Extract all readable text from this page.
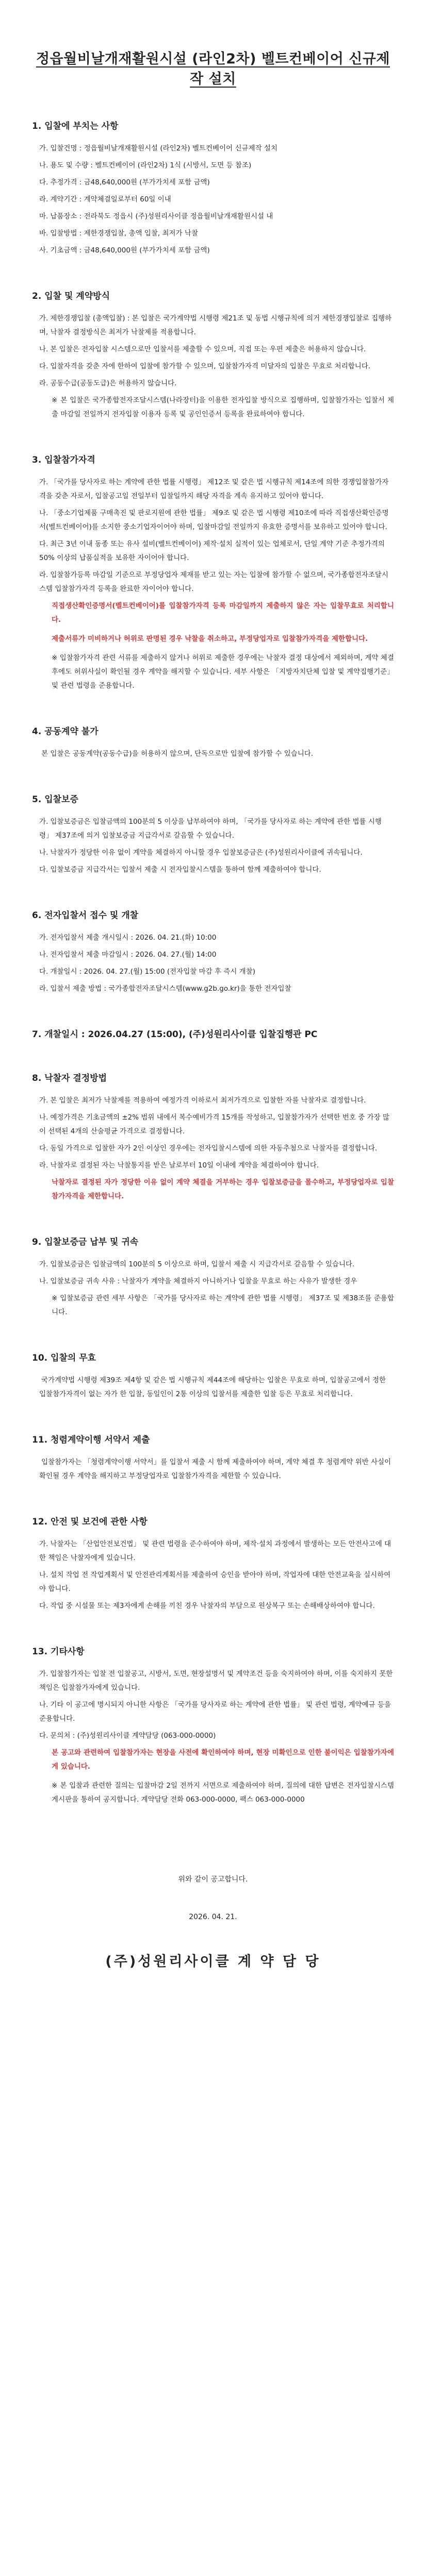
정읍월비날개재활원시설 (라인2차) 벨트컨베이어 신규제작 설치
1. 입찰에 부치는 사항
가. 입찰건명 : 정읍월비날개재활원시설 (라인2차) 벨트컨베이어 신규제작 설치
나. 용도 및 수량 : 벨트컨베이어 (라인2차) 1식 (시방서, 도면 등 참조)
다. 추정가격 : 금48,640,000원 (부가가치세 포함 금액)
라. 계약기간 : 계약체결일로부터 60일 이내
마. 납품장소 : 전라북도 정읍시 (주)성원리사이클 정읍월비날개재활원시설 내
바. 입찰방법 : 제한경쟁입찰, 총액 입찰, 최저가 낙찰
사. 기초금액 : 금48,640,000원 (부가가치세 포함 금액)
2. 입찰 및 계약방식
가. 제한경쟁입찰 (총액입찰) : 본 입찰은 국가계약법 시행령 제21조 및 동법 시행규칙에 의거 제한경쟁입찰로 집행하며, 낙찰자 결정방식은 최저가 낙찰제를 적용합니다.
나. 본 입찰은 전자입찰 시스템으로만 입찰서를 제출할 수 있으며, 직접 또는 우편 제출은 허용하지 않습니다.
다. 입찰자격을 갖춘 자에 한하여 입찰에 참가할 수 있으며, 입찰참가자격 미달자의 입찰은 무효로 처리합니다.
라. 공동수급(공동도급)은 허용하지 않습니다.
※ 본 입찰은 국가종합전자조달시스템(나라장터)을 이용한 전자입찰 방식으로 집행하며, 입찰참가자는 입찰서 제출 마감일 전일까지 전자입찰 이용자 등록 및 공인인증서 등록을 완료하여야 합니다.
3. 입찰참가자격
가. 「국가를 당사자로 하는 계약에 관한 법률 시행령」 제12조 및 같은 법 시행규칙 제14조에 의한 경쟁입찰참가자격을 갖춘 자로서, 입찰공고일 전일부터 입찰일까지 해당 자격을 계속 유지하고 있어야 합니다.
나. 「중소기업제품 구매촉진 및 판로지원에 관한 법률」 제9조 및 같은 법 시행령 제10조에 따라 직접생산확인증명서(벨트컨베이어)를 소지한 중소기업자이어야 하며, 입찰마감일 전일까지 유효한 증명서를 보유하고 있어야 합니다.
다. 최근 3년 이내 동종 또는 유사 설비(벨트컨베이어) 제작·설치 실적이 있는 업체로서, 단일 계약 기준 추정가격의 50% 이상의 납품실적을 보유한 자이어야 합니다.
라. 입찰참가등록 마감일 기준으로 부정당업자 제재를 받고 있는 자는 입찰에 참가할 수 없으며, 국가종합전자조달시스템 입찰참가자격 등록을 완료한 자이어야 합니다.
직접생산확인증명서(벨트컨베이어)를 입찰참가자격 등록 마감일까지 제출하지 않은 자는 입찰무효로 처리합니다.
제출서류가 미비하거나 허위로 판명된 경우 낙찰을 취소하고, 부정당업자로 입찰참가자격을 제한합니다.
※ 입찰참가자격 관련 서류를 제출하지 않거나 허위로 제출한 경우에는 낙찰자 결정 대상에서 제외하며, 계약 체결 후에도 허위사실이 확인될 경우 계약을 해지할 수 있습니다. 세부 사항은 「지방자치단체 입찰 및 계약집행기준」 및 관련 법령을 준용합니다.
4. 공동계약 불가
본 입찰은 공동계약(공동수급)을 허용하지 않으며, 단독으로만 입찰에 참가할 수 있습니다.
5. 입찰보증
가. 입찰보증금은 입찰금액의 100분의 5 이상을 납부하여야 하며, 「국가를 당사자로 하는 계약에 관한 법률 시행령」 제37조에 의거 입찰보증금 지급각서로 갈음할 수 있습니다.
나. 낙찰자가 정당한 이유 없이 계약을 체결하지 아니할 경우 입찰보증금은 (주)성원리사이클에 귀속됩니다.
다. 입찰보증금 지급각서는 입찰서 제출 시 전자입찰시스템을 통하여 함께 제출하여야 합니다.
6. 전자입찰서 접수 및 개찰
가. 전자입찰서 제출 개시일시 : 2026. 04. 21.(화) 10:00
나. 전자입찰서 제출 마감일시 : 2026. 04. 27.(월) 14:00
다. 개찰일시 : 2026. 04. 27.(월) 15:00 (전자입찰 마감 후 즉시 개찰)
라. 입찰서 제출 방법 : 국가종합전자조달시스템(www.g2b.go.kr)을 통한 전자입찰
7. 개찰일시 : 2026.04.27 (15:00), (주)성원리사이클 입찰집행관 PC
8. 낙찰자 결정방법
가. 본 입찰은 최저가 낙찰제를 적용하여 예정가격 이하로서 최저가격으로 입찰한 자를 낙찰자로 결정합니다.
나. 예정가격은 기초금액의 ±2% 범위 내에서 복수예비가격 15개를 작성하고, 입찰참가자가 선택한 번호 중 가장 많이 선택된 4개의 산술평균 가격으로 결정합니다.
다. 동일 가격으로 입찰한 자가 2인 이상인 경우에는 전자입찰시스템에 의한 자동추첨으로 낙찰자를 결정합니다.
라. 낙찰자로 결정된 자는 낙찰통지를 받은 날로부터 10일 이내에 계약을 체결하여야 합니다.
낙찰자로 결정된 자가 정당한 이유 없이 계약 체결을 거부하는 경우 입찰보증금을 몰수하고, 부정당업자로 입찰참가자격을 제한합니다.
9. 입찰보증금 납부 및 귀속
가. 입찰보증금은 입찰금액의 100분의 5 이상으로 하며, 입찰서 제출 시 지급각서로 갈음할 수 있습니다.
나. 입찰보증금 귀속 사유 : 낙찰자가 계약을 체결하지 아니하거나 입찰을 무효로 하는 사유가 발생한 경우
※ 입찰보증금 관련 세부 사항은 「국가를 당사자로 하는 계약에 관한 법률 시행령」 제37조 및 제38조를 준용합니다.
10. 입찰의 무효
국가계약법 시행령 제39조 제4항 및 같은 법 시행규칙 제44조에 해당하는 입찰은 무효로 하며, 입찰공고에서 정한 입찰참가자격이 없는 자가 한 입찰, 동일인이 2통 이상의 입찰서를 제출한 입찰 등은 무효로 처리합니다.
11. 청렴계약이행 서약서 제출
입찰참가자는 「청렴계약이행 서약서」를 입찰서 제출 시 함께 제출하여야 하며, 계약 체결 후 청렴계약 위반 사실이 확인될 경우 계약을 해지하고 부정당업자로 입찰참가자격을 제한할 수 있습니다.
12. 안전 및 보건에 관한 사항
가. 낙찰자는 「산업안전보건법」 및 관련 법령을 준수하여야 하며, 제작·설치 과정에서 발생하는 모든 안전사고에 대한 책임은 낙찰자에게 있습니다.
나. 설치 작업 전 작업계획서 및 안전관리계획서를 제출하여 승인을 받아야 하며, 작업자에 대한 안전교육을 실시하여야 합니다.
다. 작업 중 시설물 또는 제3자에게 손해를 끼친 경우 낙찰자의 부담으로 원상복구 또는 손해배상하여야 합니다.
13. 기타사항
가. 입찰참가자는 입찰 전 입찰공고, 시방서, 도면, 현장설명서 및 계약조건 등을 숙지하여야 하며, 이를 숙지하지 못한 책임은 입찰참가자에게 있습니다.
나. 기타 이 공고에 명시되지 아니한 사항은 「국가를 당사자로 하는 계약에 관한 법률」 및 관련 법령, 계약예규 등을 준용합니다.
다. 문의처 : (주)성원리사이클 계약담당 (063-000-0000)
본 공고와 관련하여 입찰참가자는 현장을 사전에 확인하여야 하며, 현장 미확인으로 인한 불이익은 입찰참가자에게 있습니다.
※ 본 입찰과 관련한 질의는 입찰마감 2일 전까지 서면으로 제출하여야 하며, 질의에 대한 답변은 전자입찰시스템 게시판을 통하여 공지합니다. 계약담당 전화 063-000-0000, 팩스 063-000-0000
위와 같이 공고합니다.
2026. 04. 21.
(주)성원리사이클 계 약 담 당
